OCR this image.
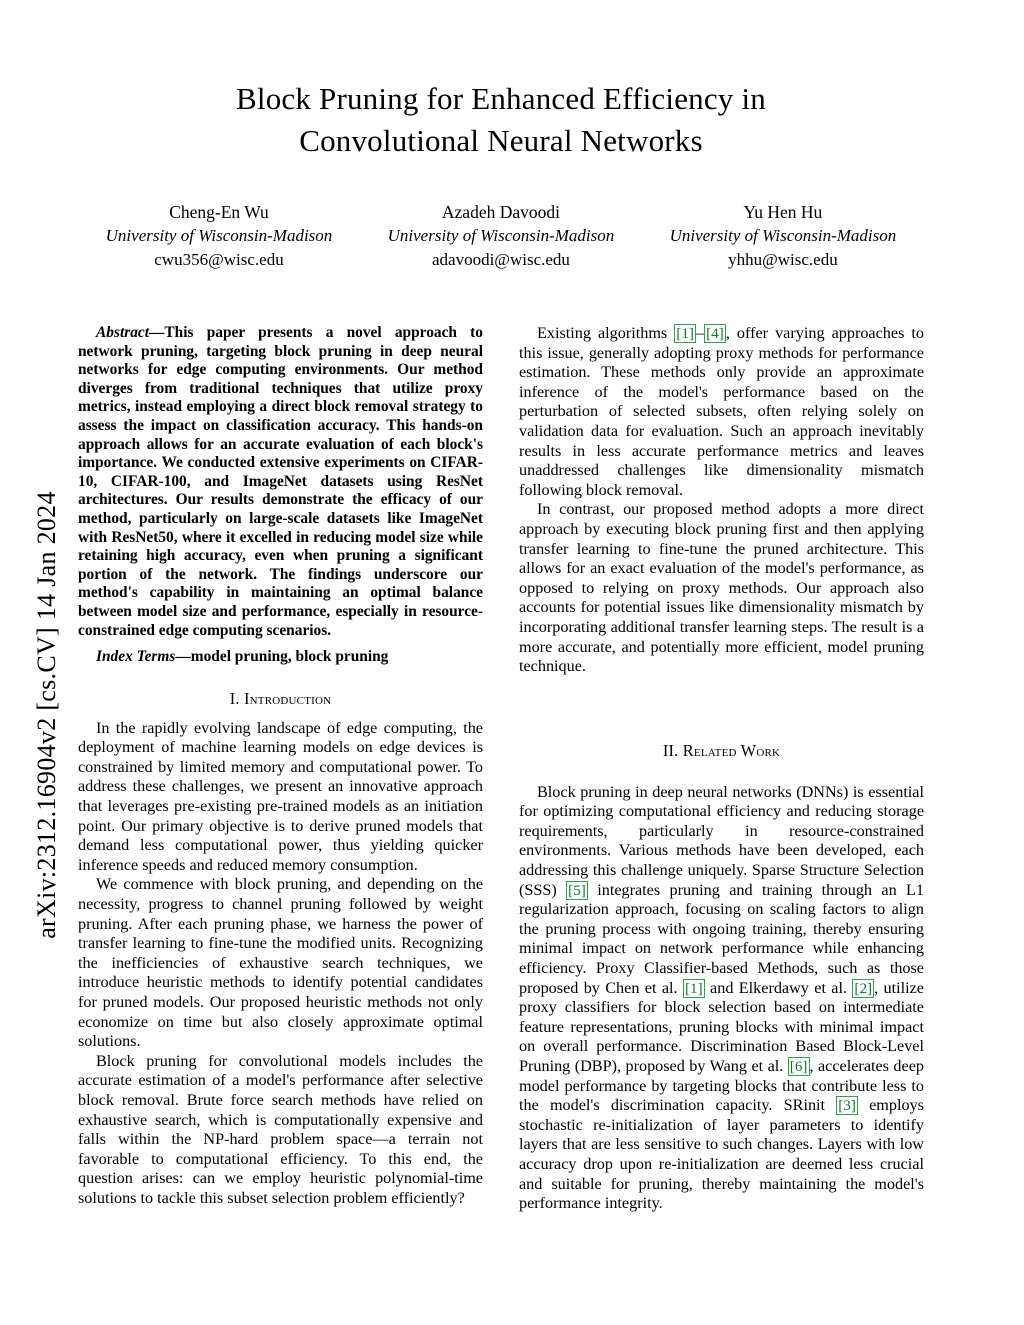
arXiv:2312.16904v2 [cs.CV] 14 Jan 2024
Block Pruning for Enhanced Efficiency in
Convolutional Neural Networks
Cheng-En Wu
University of Wisconsin-Madison
cwu356@wisc.edu
Azadeh Davoodi
University of Wisconsin-Madison
adavoodi@wisc.edu
Yu Hen Hu
University of Wisconsin-Madison
yhhu@wisc.edu

Abstract—This paper presents a novel approach to network pruning, targeting block pruning in deep neural networks for edge computing environments. Our method diverges from traditional techniques that utilize proxy metrics, instead employing a direct block removal strategy to assess the impact on classification accuracy. This hands-on approach allows for an accurate evaluation of each block's importance. We conducted extensive experiments on CIFAR-10, CIFAR-100, and ImageNet datasets using ResNet architectures. Our results demonstrate the efficacy of our method, particularly on large-scale datasets like ImageNet with ResNet50, where it excelled in reducing model size while retaining high accuracy, even when pruning a significant portion of the network. The findings underscore our method's capability in maintaining an optimal balance between model size and performance, especially in resource-constrained edge computing scenarios.

Index Terms—model pruning, block pruning

I. Introduction

In the rapidly evolving landscape of edge computing, the deployment of machine learning models on edge devices is constrained by limited memory and computational power. To address these challenges, we present an innovative approach that leverages pre-existing pre-trained models as an initiation point. Our primary objective is to derive pruned models that demand less computational power, thus yielding quicker inference speeds and reduced memory consumption.

We commence with block pruning, and depending on the necessity, progress to channel pruning followed by weight pruning. After each pruning phase, we harness the power of transfer learning to fine-tune the modified units. Recognizing the inefficiencies of exhaustive search techniques, we introduce heuristic methods to identify potential candidates for pruned models. Our proposed heuristic methods not only economize on time but also closely approximate optimal solutions.

Block pruning for convolutional models includes the accurate estimation of a model's performance after selective block removal. Brute force search methods have relied on exhaustive search, which is computationally expensive and falls within the NP-hard problem space—a terrain not favorable to computational efficiency. To this end, the question arises: can we employ heuristic polynomial-time solutions to tackle this subset selection problem efficiently?

Existing algorithms [1] – [4] , offer varying approaches to this issue, generally adopting proxy methods for performance estimation. These methods only provide an approximate inference of the model's performance based on the perturbation of selected subsets, often relying solely on validation data for evaluation. Such an approach inevitably results in less accurate performance metrics and leaves unaddressed challenges like dimensionality mismatch following block removal.

In contrast, our proposed method adopts a more direct approach by executing block pruning first and then applying transfer learning to fine-tune the pruned architecture. This allows for an exact evaluation of the model's performance, as opposed to relying on proxy methods. Our approach also accounts for potential issues like dimensionality mismatch by incorporating additional transfer learning steps. The result is a more accurate, and potentially more efficient, model pruning technique.

II. Related Work

Block pruning in deep neural networks (DNNs) is essential for optimizing computational efficiency and reducing storage requirements, particularly in resource-constrained environments. Various methods have been developed, each addressing this challenge uniquely. Sparse Structure Selection (SSS) [5] integrates pruning and training through an L1 regularization approach, focusing on scaling factors to align the pruning process with ongoing training, thereby ensuring minimal impact on network performance while enhancing efficiency. Proxy Classifier-based Methods, such as those proposed by Chen et al. [1] and Elkerdawy et al. [2] , utilize proxy classifiers for block selection based on intermediate feature representations, pruning blocks with minimal impact on overall performance. Discrimination Based Block-Level Pruning (DBP), proposed by Wang et al. [6] , accelerates deep model performance by targeting blocks that contribute less to the model's discrimination capacity. SRinit [3] employs stochastic re-initialization of layer parameters to identify layers that are less sensitive to such changes. Layers with low accuracy drop upon re-initialization are deemed less crucial and suitable for pruning, thereby maintaining the model's performance integrity.
